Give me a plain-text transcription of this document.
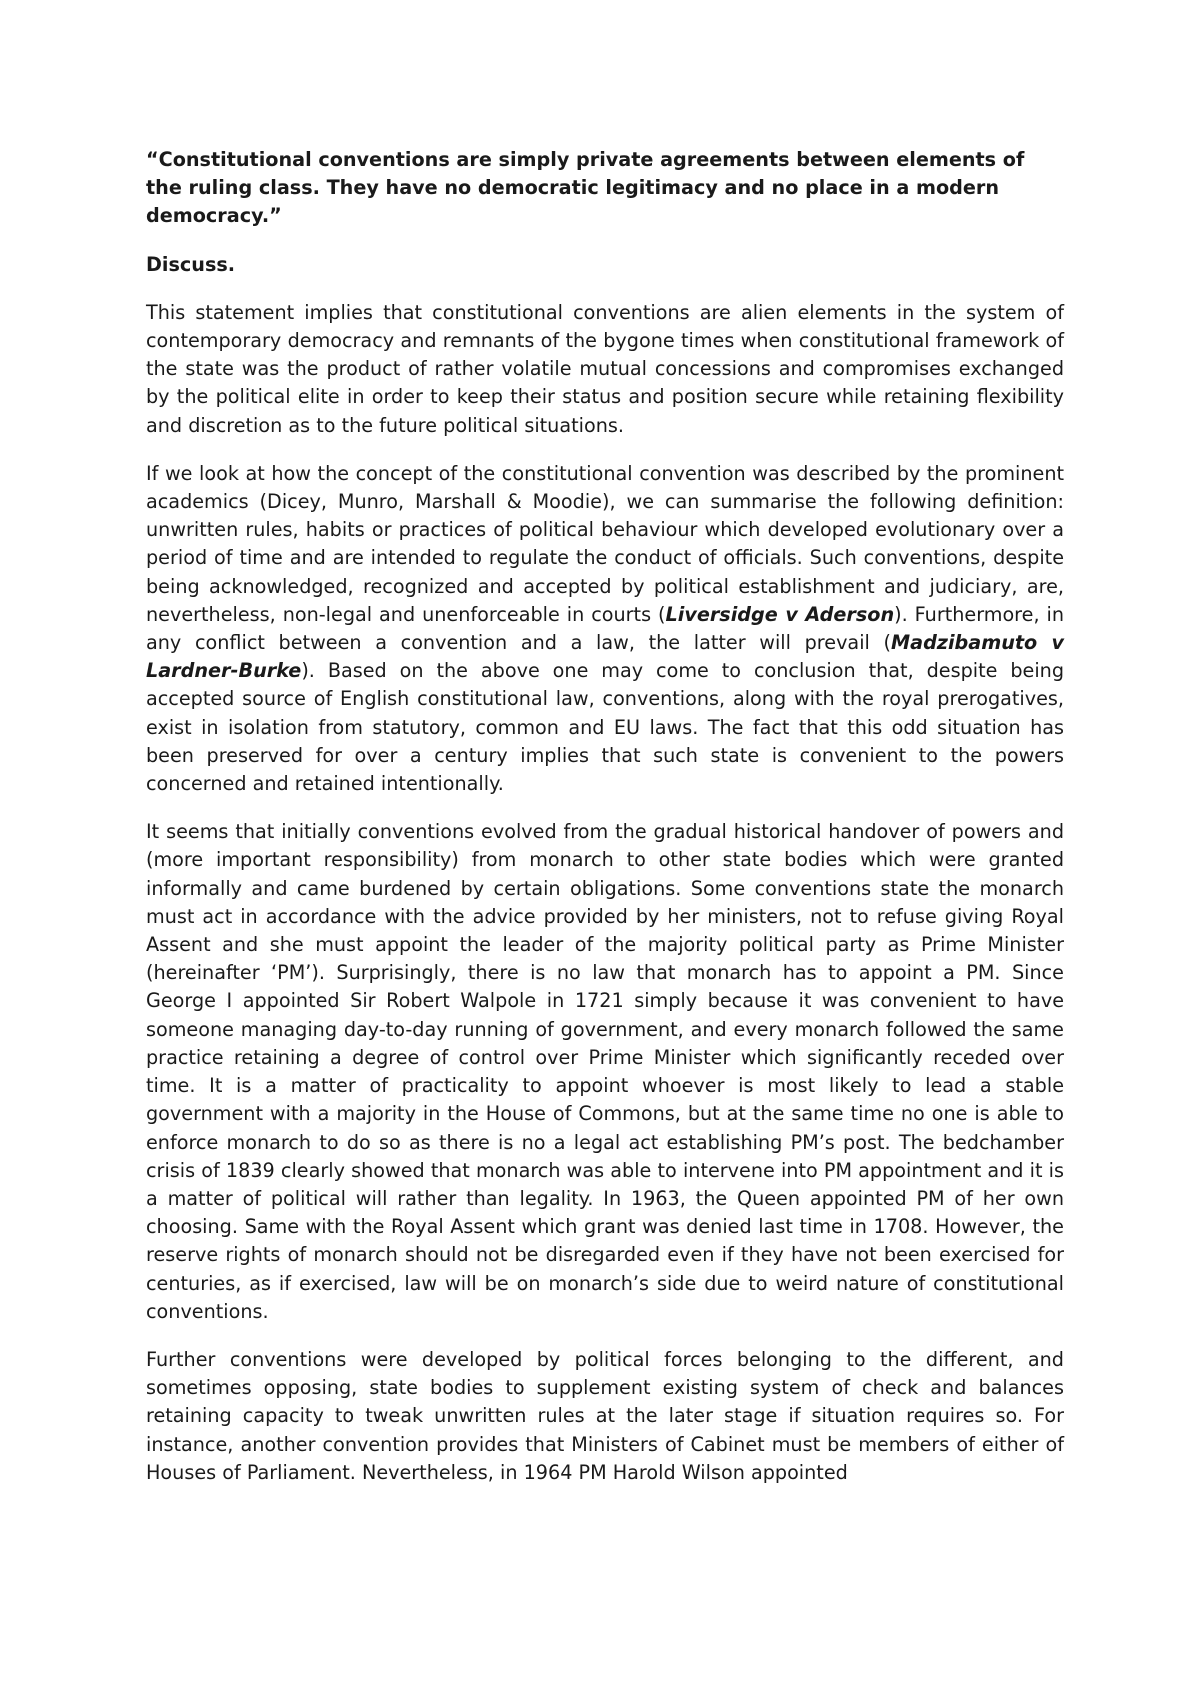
“Constitutional conventions are simply private agreements between elements of the ruling class. They have no democratic legitimacy and no place in a modern democracy.”

Discuss.

This statement implies that constitutional conventions are alien elements in the system of contemporary democracy and remnants of the bygone times when constitutional framework of the state was the product of rather volatile mutual concessions and compromises exchanged by the political elite in order to keep their status and position secure while retaining flexibility and discretion as to the future political situations.

If we look at how the concept of the constitutional convention was described by the prominent academics (Dicey, Munro, Marshall & Moodie), we can summarise the following definition: unwritten rules, habits or practices of political behaviour which developed evolutionary over a period of time and are intended to regulate the conduct of officials. Such conventions, despite being acknowledged, recognized and accepted by political establishment and judiciary, are, nevertheless, non-legal and unenforceable in courts (Liversidge v Aderson). Furthermore, in any conflict between a convention and a law, the latter will prevail (Madzibamuto v Lardner-Burke). Based on the above one may come to conclusion that, despite being accepted source of English constitutional law, conventions, along with the royal prerogatives, exist in isolation from statutory, common and EU laws. The fact that this odd situation has been preserved for over a century implies that such state is convenient to the powers concerned and retained intentionally.

It seems that initially conventions evolved from the gradual historical handover of powers and (more important responsibility) from monarch to other state bodies which were granted informally and came burdened by certain obligations. Some conventions state the monarch must act in accordance with the advice provided by her ministers, not to refuse giving Royal Assent and she must appoint the leader of the majority political party as Prime Minister (hereinafter ‘PM’). Surprisingly, there is no law that monarch has to appoint a PM. Since George I appointed Sir Robert Walpole in 1721 simply because it was convenient to have someone managing day-to-day running of government, and every monarch followed the same practice retaining a degree of control over Prime Minister which significantly receded over time. It is a matter of practicality to appoint whoever is most likely to lead a stable government with a majority in the House of Commons, but at the same time no one is able to enforce monarch to do so as there is no a legal act establishing PM’s post. The bedchamber crisis of 1839 clearly showed that monarch was able to intervene into PM appointment and it is a matter of political will rather than legality. In 1963, the Queen appointed PM of her own choosing. Same with the Royal Assent which grant was denied last time in 1708. However, the reserve rights of monarch should not be disregarded even if they have not been exercised for centuries, as if exercised, law will be on monarch’s side due to weird nature of constitutional conventions.

Further conventions were developed by political forces belonging to the different, and sometimes opposing, state bodies to supplement existing system of check and balances retaining capacity to tweak unwritten rules at the later stage if situation requires so. For instance, another convention provides that Ministers of Cabinet must be members of either of Houses of Parliament. Nevertheless, in 1964 PM Harold Wilson appointed
